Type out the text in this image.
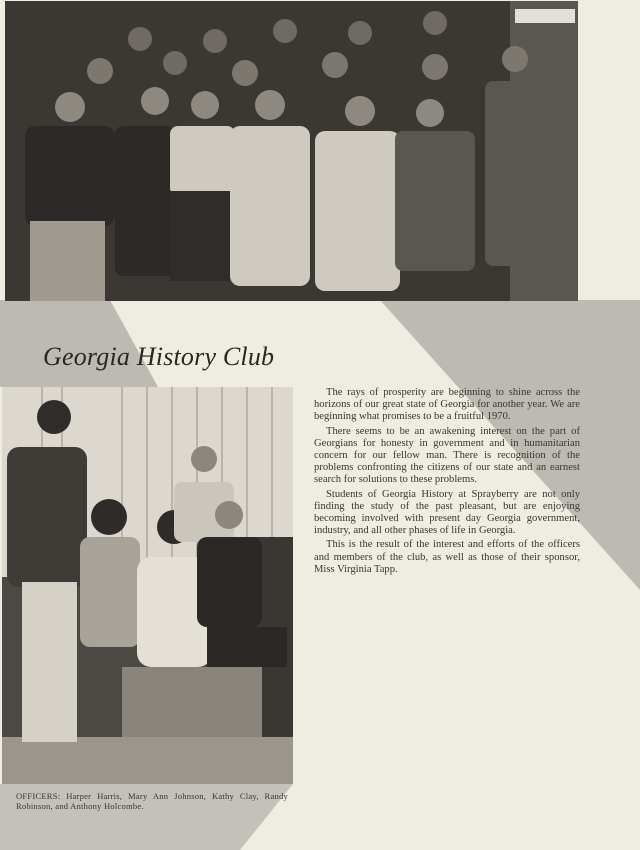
Georgia History Club

The rays of prosperity are beginning to shine across the horizons of our great state of Georgia for another year. We are beginning what promises to be a fruitful 1970.

There seems to be an awakening interest on the part of Georgians for honesty in government and in humanitarian concern for our fellow man. There is recognition of the problems confronting the citizens of our state and an earnest search for solutions to these problems.

Students of Georgia History at Sprayberry are not only finding the study of the past pleasant, but are enjoying becoming involved with present day Georgia government, industry, and all other phases of life in Georgia.

This is the result of the interest and efforts of the officers and members of the club, as well as those of their sponsor, Miss Virginia Tapp.

OFFICERS: Harper Harris, Mary Ann Johnson, Kathy Clay, Randy Robinson, and Anthony Holcombe.
